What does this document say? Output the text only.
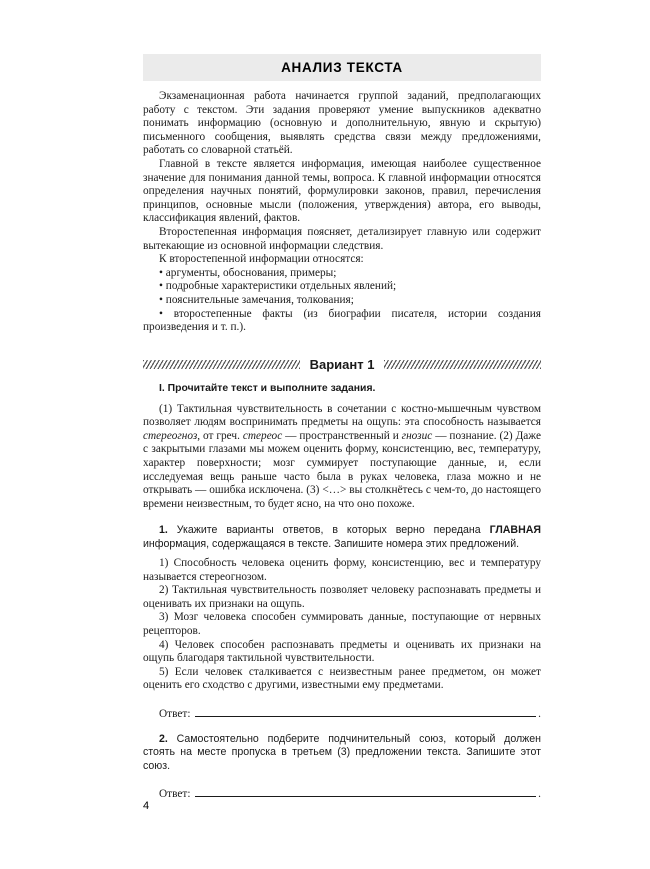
АНАЛИЗ ТЕКСТА

Экзаменационная работа начинается группой заданий, предполагающих работу с текстом. Эти задания проверяют умение выпускников адекватно понимать информацию (основную и дополнительную, явную и скрытую) письменного сообщения, выявлять средства связи между предложениями, работать со словарной статьёй.

Главной в тексте является информация, имеющая наиболее существенное значение для понимания данной темы, вопроса. К главной информации относятся определения научных понятий, формулировки законов, правил, перечисления принципов, основные мысли (положения, утверждения) автора, его выводы, классификация явлений, фактов.

Второстепенная информация поясняет, детализирует главную или содержит вытекающие из основной информации следствия.

К второстепенной информации относятся:

• аргументы, обоснования, примеры;
• подробные характеристики отдельных явлений;
• пояснительные замечания, толкования;
• второстепенные факты (из биографии писателя, истории создания произведения и т. п.).
Вариант 1
I. Прочитайте текст и выполните задания.

(1) Тактильная чувствительность в сочетании с костно-мышечным чувством позволяет людям воспринимать предметы на ощупь: эта способность называется стереогноз, от греч. стереос — пространственный и гнозис — познание. (2) Даже с закрытыми глазами мы можем оценить форму, консистенцию, вес, температуру, характер поверхности; мозг суммирует поступающие данные, и, если исследуемая вещь раньше часто была в руках человека, глаза можно и не открывать — ошибка исключена. (3) <…> вы столкнётесь с чем-то, до настоящего времени неизвестным, то будет ясно, на что оно похоже.

1. Укажите варианты ответов, в которых верно передана ГЛАВНАЯ информация, содержащаяся в тексте. Запишите номера этих предложений.

1) Способность человека оценить форму, консистенцию, вес и температуру называется стереогнозом.
2) Тактильная чувствительность позволяет человеку распознавать предметы и оценивать их признаки на ощупь.
3) Мозг человека способен суммировать данные, поступающие от нервных рецепторов.
4) Человек способен распознавать предметы и оценивать их признаки на ощупь благодаря тактильной чувствительности.
5) Если человек сталкивается с неизвестным ранее предметом, он может оценить его сходство с другими, известными ему предметами.
Ответ:	.

2. Самостоятельно подберите подчинительный союз, который должен стоять на месте пропуска в третьем (3) предложении текста. Запишите этот союз.

Ответ:	.
4
